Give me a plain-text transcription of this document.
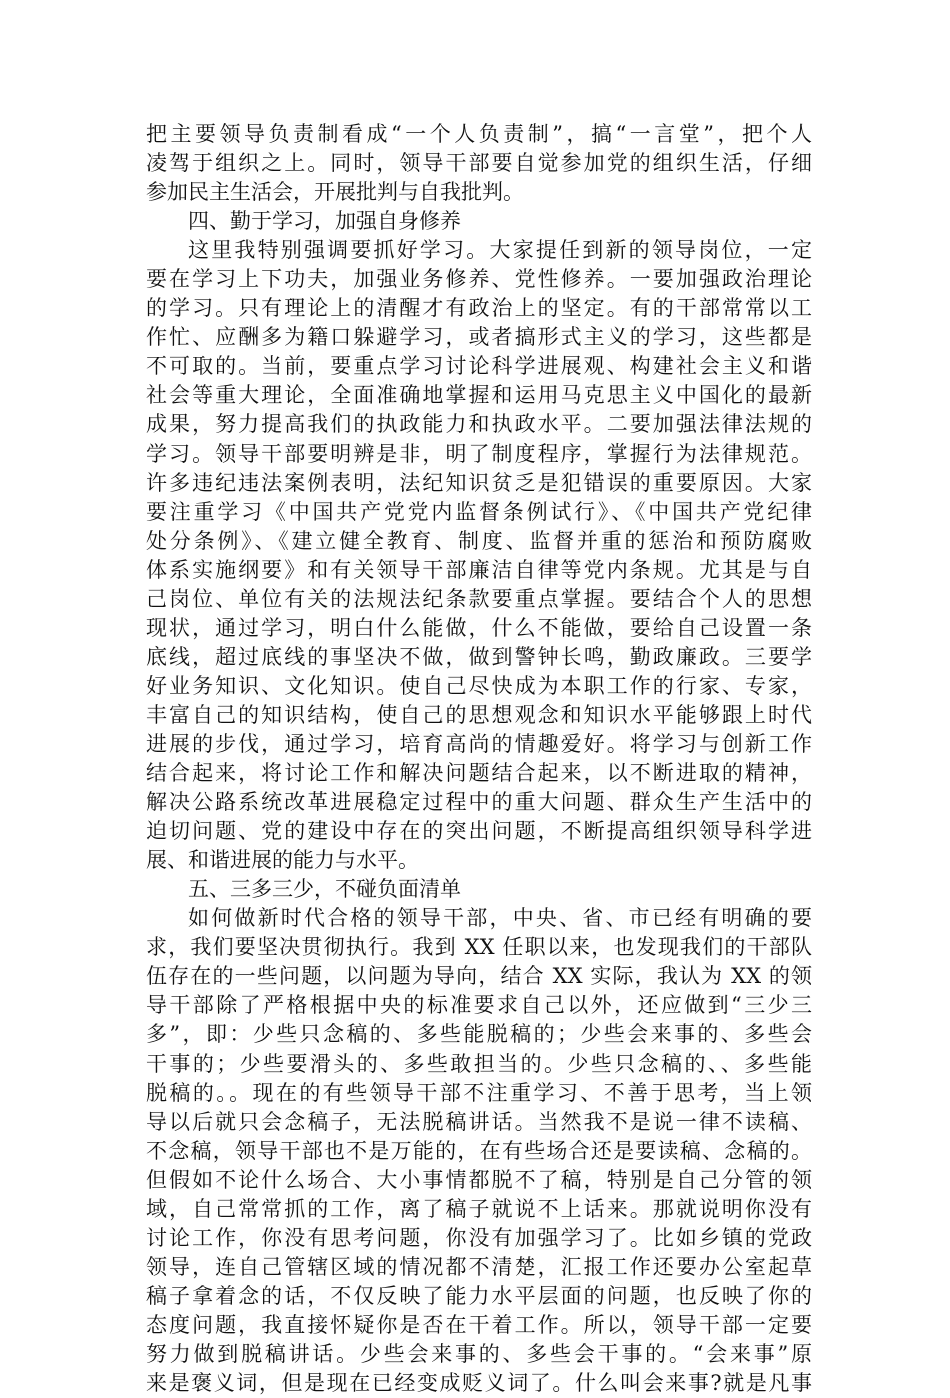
把主要领导负责制看成“一个人负责制”，搞“一言堂”，把个人
凌驾于组织之上。同时，领导干部要自觉参加党的组织生活，仔细
参加民主生活会，开展批判与自我批判。
四、勤于学习，加强自身修养
这里我特别强调要抓好学习。大家提任到新的领导岗位，一定
要在学习上下功夫，加强业务修养、党性修养。一要加强政治理论
的学习。只有理论上的清醒才有政治上的坚定。有的干部常常以工
作忙、应酬多为籍口躲避学习，或者搞形式主义的学习，这些都是
不可取的。当前，要重点学习讨论科学进展观、构建社会主义和谐
社会等重大理论，全面准确地掌握和运用马克思主义中国化的最新
成果，努力提高我们的执政能力和执政水平。二要加强法律法规的
学习。领导干部要明辨是非，明了制度程序，掌握行为法律规范。
许多违纪违法案例表明，法纪知识贫乏是犯错误的重要原因。大家
要注重学习《中国共产党党内监督条例试行》、《中国共产党纪律
处分条例》、《建立健全教育、制度、监督并重的惩治和预防腐败
体系实施纲要》和有关领导干部廉洁自律等党内条规。尤其是与自
己岗位、单位有关的法规法纪条款要重点掌握。要结合个人的思想
现状，通过学习，明白什么能做，什么不能做，要给自己设置一条
底线，超过底线的事坚决不做，做到警钟长鸣，勤政廉政。三要学
好业务知识、文化知识。使自己尽快成为本职工作的行家、专家，
丰富自己的知识结构，使自己的思想观念和知识水平能够跟上时代
进展的步伐，通过学习，培育高尚的情趣爱好。将学习与创新工作
结合起来，将讨论工作和解决问题结合起来，以不断进取的精神，
解决公路系统改革进展稳定过程中的重大问题、群众生产生活中的
迫切问题、党的建设中存在的突出问题，不断提高组织领导科学进
展、和谐进展的能力与水平。
五、三多三少，不碰负面清单
如何做新时代合格的领导干部，中央、省、市已经有明确的要
求，我们要坚决贯彻执行。我到 XX 任职以来，也发现我们的干部队
伍存在的一些问题，以问题为导向，结合 XX 实际，我认为 XX 的领
导干部除了严格根据中央的标准要求自己以外，还应做到“三少三
多”，即：少些只念稿的、多些能脱稿的；少些会来事的、多些会
干事的；少些要滑头的、多些敢担当的。少些只念稿的、、多些能
脱稿的。。现在的有些领导干部不注重学习、不善于思考，当上领
导以后就只会念稿子，无法脱稿讲话。当然我不是说一律不读稿、
不念稿，领导干部也不是万能的，在有些场合还是要读稿、念稿的。
但假如不论什么场合、大小事情都脱不了稿，特别是自己分管的领
域，自己常常抓的工作，离了稿子就说不上话来。那就说明你没有
讨论工作，你没有思考问题，你没有加强学习了。比如乡镇的党政
领导，连自己管辖区域的情况都不清楚，汇报工作还要办公室起草
稿子拿着念的话，不仅反映了能力水平层面的问题，也反映了你的
态度问题，我直接怀疑你是否在干着工作。所以，领导干部一定要
努力做到脱稿讲话。少些会来事的、多些会干事的。“会来事”原
来是褒义词，但是现在已经变成贬义词了。什么叫会来事?就是凡事
